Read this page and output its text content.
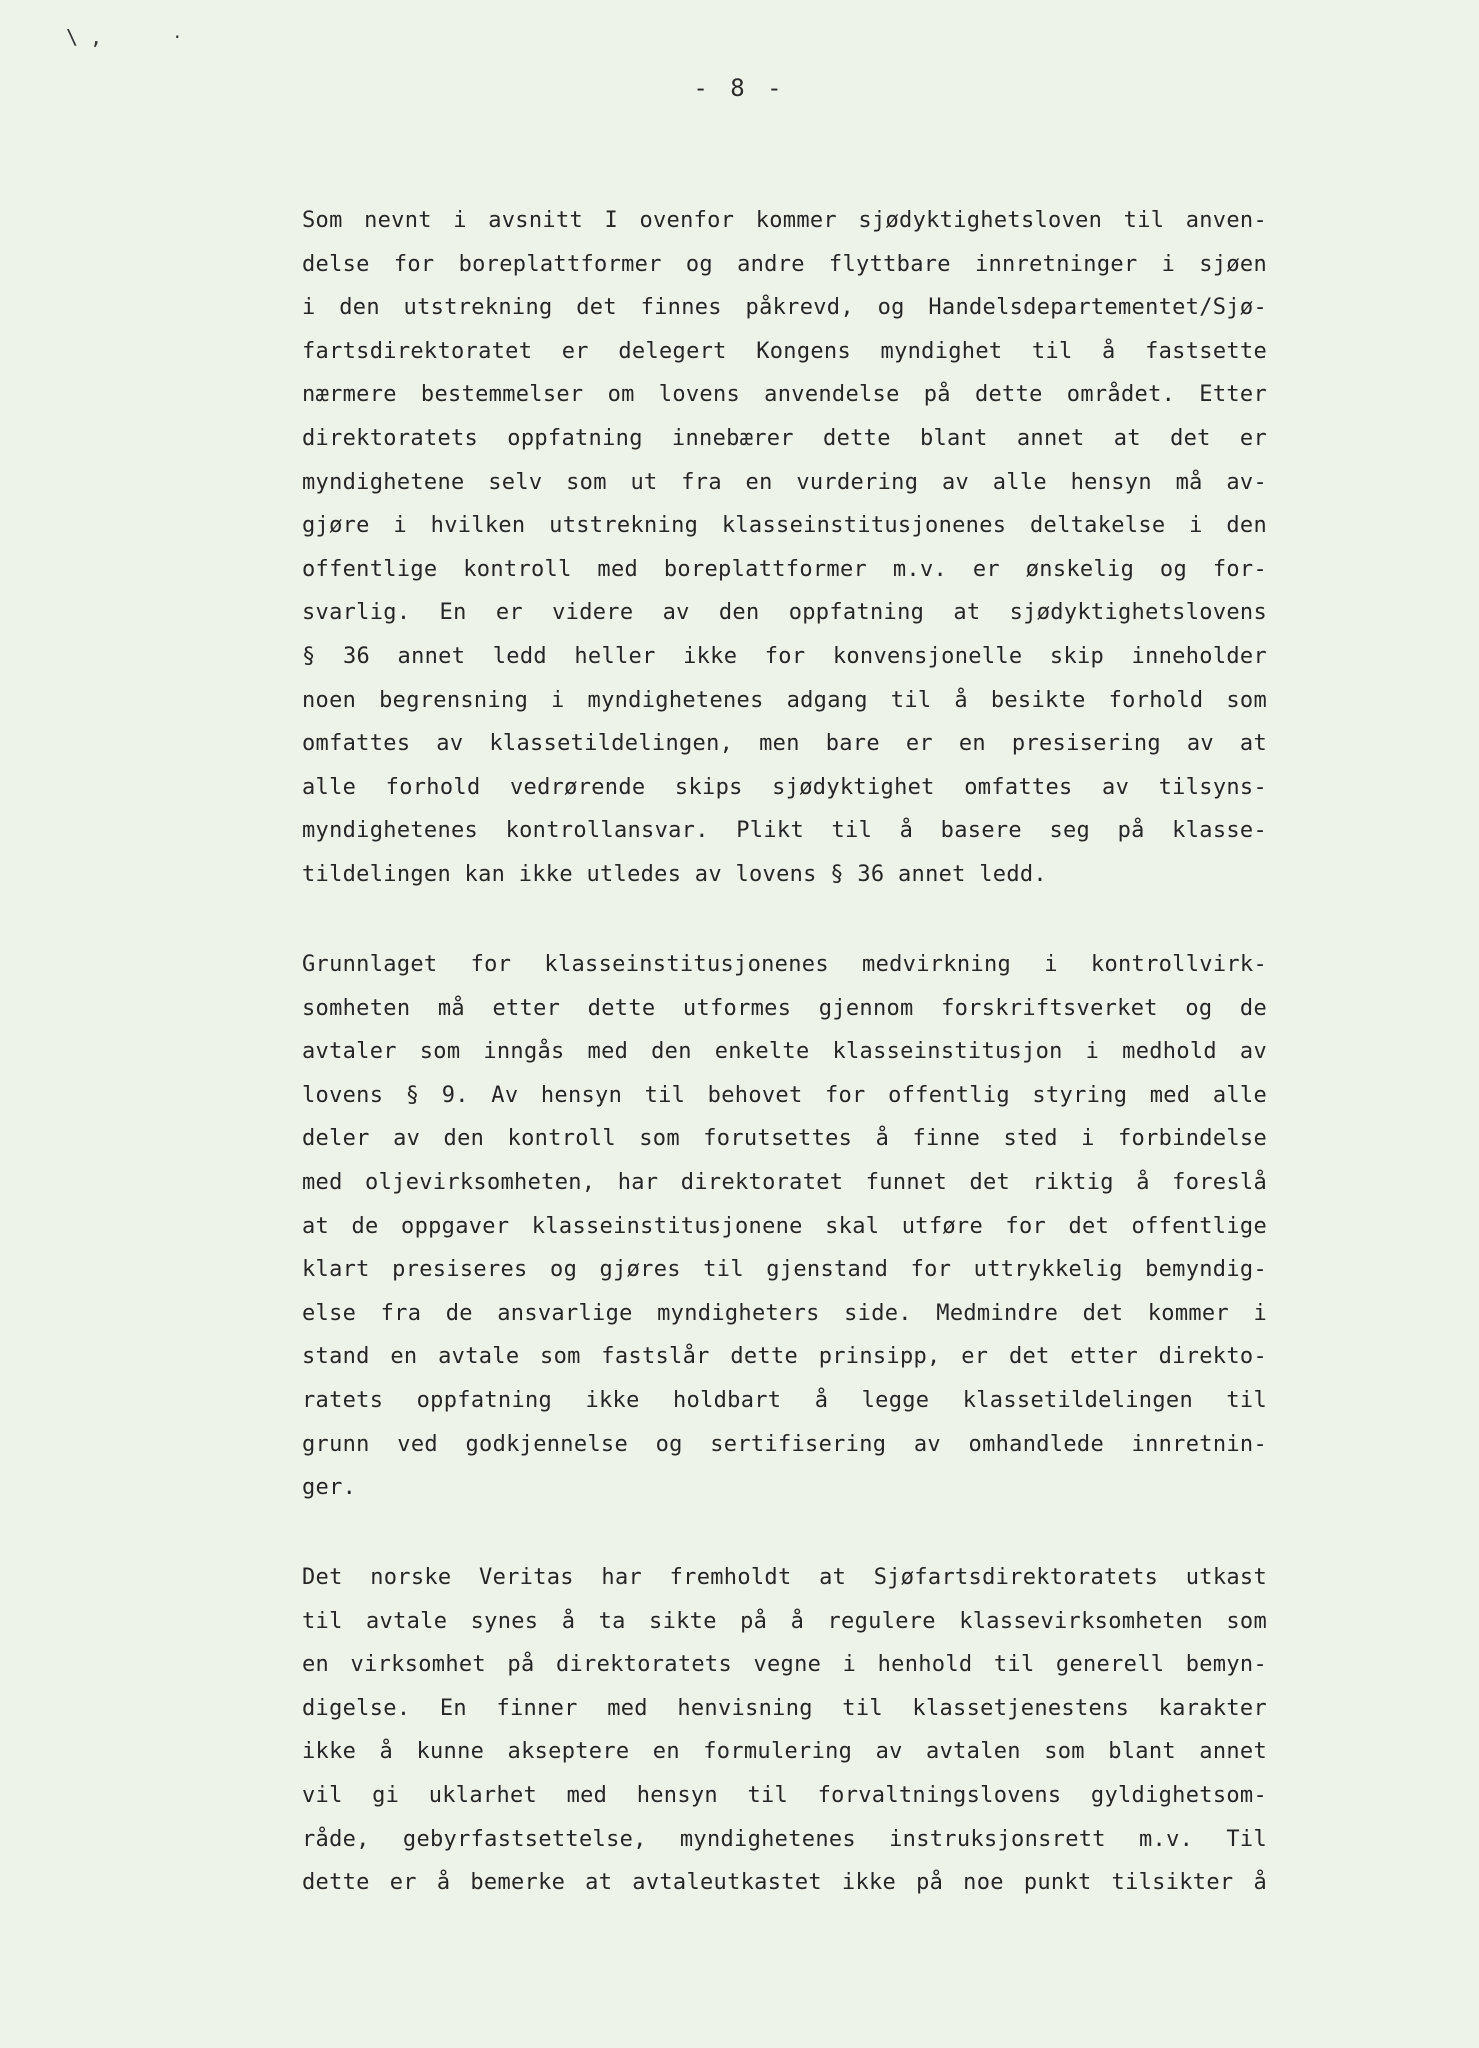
\ ,	‧
- 8 -
Som nevnt i avsnitt I ovenfor kommer sjødyktighetsloven til anven-
delse for boreplattformer og andre flyttbare innretninger i sjøen
i den utstrekning det finnes påkrevd, og Handelsdepartementet/Sjø-
fartsdirektoratet er delegert Kongens myndighet til å fastsette
nærmere bestemmelser om lovens anvendelse på dette området. Etter
direktoratets oppfatning innebærer dette blant annet at det er
myndighetene selv som ut fra en vurdering av alle hensyn må av-
gjøre i hvilken utstrekning klasseinstitusjonenes deltakelse i den
offentlige kontroll med boreplattformer m.v. er ønskelig og for-
svarlig. En er videre av den oppfatning at sjødyktighetslovens
§ 36 annet ledd heller ikke for konvensjonelle skip inneholder
noen begrensning i myndighetenes adgang til å besikte forhold som
omfattes av klassetildelingen, men bare er en presisering av at
alle forhold vedrørende skips sjødyktighet omfattes av tilsyns-
myndighetenes kontrollansvar. Plikt til å basere seg på klasse-
tildelingen kan ikke utledes av lovens § 36 annet ledd.
Grunnlaget for klasseinstitusjonenes medvirkning i kontrollvirk-
somheten må etter dette utformes gjennom forskriftsverket og de
avtaler som inngås med den enkelte klasseinstitusjon i medhold av
lovens § 9. Av hensyn til behovet for offentlig styring med alle
deler av den kontroll som forutsettes å finne sted i forbindelse
med oljevirksomheten, har direktoratet funnet det riktig å foreslå
at de oppgaver klasseinstitusjonene skal utføre for det offentlige
klart presiseres og gjøres til gjenstand for uttrykkelig bemyndig-
else fra de ansvarlige myndigheters side. Medmindre det kommer i
stand en avtale som fastslår dette prinsipp, er det etter direkto-
ratets oppfatning ikke holdbart å legge klassetildelingen til
grunn ved godkjennelse og sertifisering av omhandlede innretnin-
ger.
Det norske Veritas har fremholdt at Sjøfartsdirektoratets utkast
til avtale synes å ta sikte på å regulere klassevirksomheten som
en virksomhet på direktoratets vegne i henhold til generell bemyn-
digelse. En finner med henvisning til klassetjenestens karakter
ikke å kunne akseptere en formulering av avtalen som blant annet
vil gi uklarhet med hensyn til forvaltningslovens gyldighetsom-
råde, gebyrfastsettelse, myndighetenes instruksjonsrett m.v. Til
dette er å bemerke at avtaleutkastet ikke på noe punkt tilsikter å
